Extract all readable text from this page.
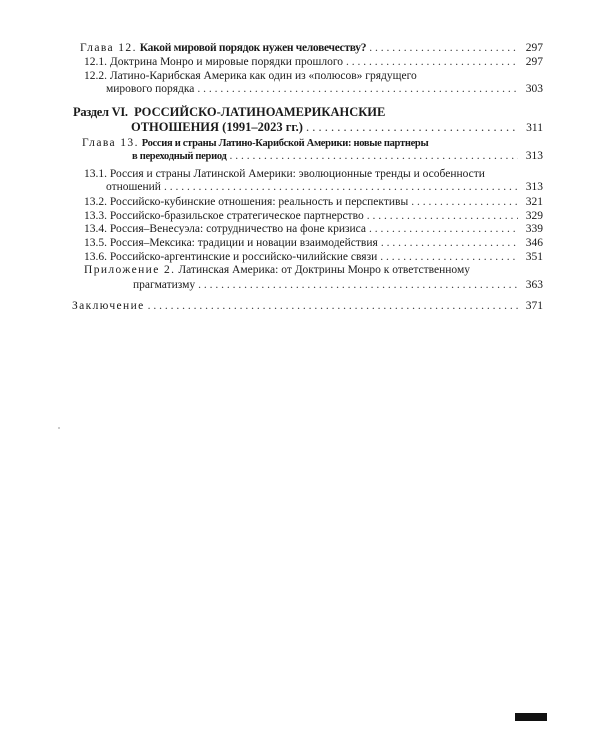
Глава 12. Какой мировой порядок нужен человечеству? . . .	297
12.1. Доктрина Монро и мировые порядки прошлого . . .	297
12.2. Латино-Карибская Америка как один из «полюсов» грядущего
мирового порядка . . .	303
Раздел VI. РОССИЙСКО-ЛАТИНОАМЕРИКАНСКИЕ
ОТНОШЕНИЯ (1991–2023 гг.) . . .	311
Глава 13. Россия и страны Латино-Карибской Америки: новые партнеры
в переходный период . . .	313
13.1. Россия и страны Латинской Америки: эволюционные тренды и особенности
отношений . . .	313
13.2. Российско-кубинские отношения: реальность и перспективы . . .	321
13.3. Российско-бразильское стратегическое партнерство . . .	329
13.4. Россия–Венесуэла: сотрудничество на фоне кризиса . . .	339
13.5. Россия–Мексика: традиции и новации взаимодействия . . .	346
13.6. Российско-аргентинские и российско-чилийские связи . . .	351
Приложение 2. Латинская Америка: от Доктрины Монро к ответственному
прагматизму . . .	363
Заключение . . .	371
